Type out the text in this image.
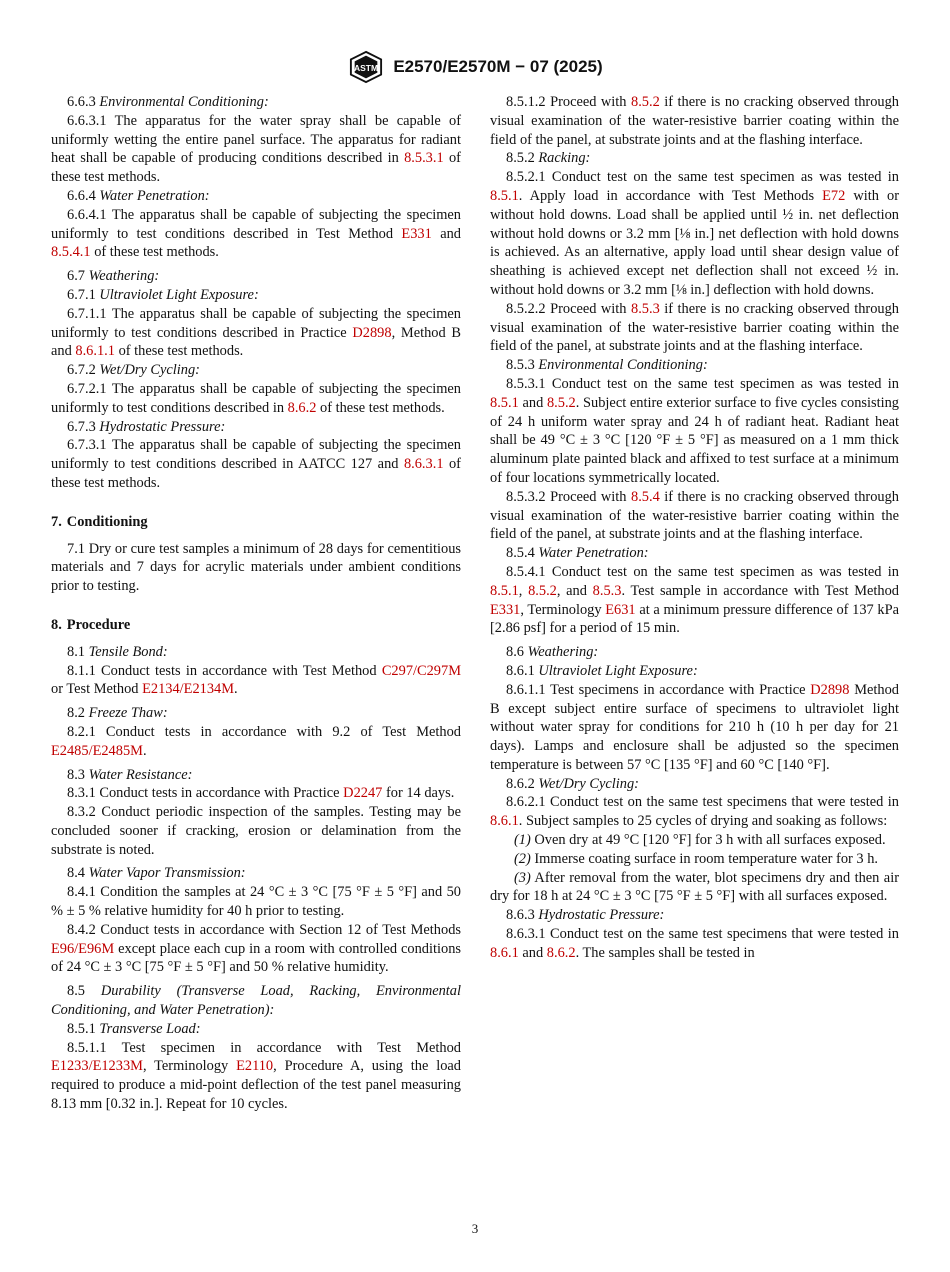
ASTM E2570/E2570M − 07 (2025)

6.6.3 Environmental Conditioning:

6.6.3.1 The apparatus for the water spray shall be capable of uniformly wetting the entire panel surface. The apparatus for radiant heat shall be capable of producing conditions described in 8.5.3.1 of these test methods.

6.6.4 Water Penetration:

6.6.4.1 The apparatus shall be capable of subjecting the specimen uniformly to test conditions described in Test Method E331 and 8.5.4.1 of these test methods.

6.7 Weathering:

6.7.1 Ultraviolet Light Exposure:

6.7.1.1 The apparatus shall be capable of subjecting the specimen uniformly to test conditions described in Practice D2898, Method B and 8.6.1.1 of these test methods.

6.7.2 Wet/Dry Cycling:

6.7.2.1 The apparatus shall be capable of subjecting the specimen uniformly to test conditions described in 8.6.2 of these test methods.

6.7.3 Hydrostatic Pressure:

6.7.3.1 The apparatus shall be capable of subjecting the specimen uniformly to test conditions described in AATCC 127 and 8.6.3.1 of these test methods.

7. Conditioning

7.1 Dry or cure test samples a minimum of 28 days for cementitious materials and 7 days for acrylic materials under ambient conditions prior to testing.

8. Procedure

8.1 Tensile Bond:

8.1.1 Conduct tests in accordance with Test Method C297/C297M or Test Method E2134/E2134M.

8.2 Freeze Thaw:

8.2.1 Conduct tests in accordance with 9.2 of Test Method E2485/E2485M.

8.3 Water Resistance:

8.3.1 Conduct tests in accordance with Practice D2247 for 14 days.

8.3.2 Conduct periodic inspection of the samples. Testing may be concluded sooner if cracking, erosion or delamination from the substrate is noted.

8.4 Water Vapor Transmission:

8.4.1 Condition the samples at 24 °C ± 3 °C [75 °F ± 5 °F] and 50 % ± 5 % relative humidity for 40 h prior to testing.

8.4.2 Conduct tests in accordance with Section 12 of Test Methods E96/E96M except place each cup in a room with controlled conditions of 24 °C ± 3 °C [75 °F ± 5 °F] and 50 % relative humidity.

8.5 Durability (Transverse Load, Racking, Environmental Conditioning, and Water Penetration):

8.5.1 Transverse Load:

8.5.1.1 Test specimen in accordance with Test Method E1233/E1233M, Terminology E2110, Procedure A, using the load required to produce a mid-point deflection of the test panel measuring 8.13 mm [0.32 in.]. Repeat for 10 cycles.

8.5.1.2 Proceed with 8.5.2 if there is no cracking observed through visual examination of the water-resistive barrier coating within the field of the panel, at substrate joints and at the flashing interface.

8.5.2 Racking:

8.5.2.1 Conduct test on the same test specimen as was tested in 8.5.1. Apply load in accordance with Test Methods E72 with or without hold downs. Load shall be applied until ½ in. net deflection without hold downs or 3.2 mm [⅛ in.] net deflection with hold downs is achieved. As an alternative, apply load until shear design value of sheathing is achieved except net deflection shall not exceed ½ in. without hold downs or 3.2 mm [⅛ in.] deflection with hold downs.

8.5.2.2 Proceed with 8.5.3 if there is no cracking observed through visual examination of the water-resistive barrier coating within the field of the panel, at substrate joints and at the flashing interface.

8.5.3 Environmental Conditioning:

8.5.3.1 Conduct test on the same test specimen as was tested in 8.5.1 and 8.5.2. Subject entire exterior surface to five cycles consisting of 24 h uniform water spray and 24 h of radiant heat. Radiant heat shall be 49 °C ± 3 °C [120 °F ± 5 °F] as measured on a 1 mm thick aluminum plate painted black and affixed to test surface at a minimum of four locations symmetrically located.

8.5.3.2 Proceed with 8.5.4 if there is no cracking observed through visual examination of the water-resistive barrier coating within the field of the panel, at substrate joints and at the flashing interface.

8.5.4 Water Penetration:

8.5.4.1 Conduct test on the same test specimen as was tested in 8.5.1, 8.5.2, and 8.5.3. Test sample in accordance with Test Method E331, Terminology E631 at a minimum pressure difference of 137 kPa [2.86 psf] for a period of 15 min.

8.6 Weathering:

8.6.1 Ultraviolet Light Exposure:

8.6.1.1 Test specimens in accordance with Practice D2898 Method B except subject entire surface of specimens to ultraviolet light without water spray for conditions for 210 h (10 h per day for 21 days). Lamps and enclosure shall be adjusted so the specimen temperature is between 57 °C [135 °F] and 60 °C [140 °F].

8.6.2 Wet/Dry Cycling:

8.6.2.1 Conduct test on the same test specimens that were tested in 8.6.1. Subject samples to 25 cycles of drying and soaking as follows:

(1) Oven dry at 49 °C [120 °F] for 3 h with all surfaces exposed.

(2) Immerse coating surface in room temperature water for 3 h.

(3) After removal from the water, blot specimens dry and then air dry for 18 h at 24 °C ± 3 °C [75 °F ± 5 °F] with all surfaces exposed.

8.6.3 Hydrostatic Pressure:

8.6.3.1 Conduct test on the same test specimens that were tested in 8.6.1 and 8.6.2. The samples shall be tested in

3
